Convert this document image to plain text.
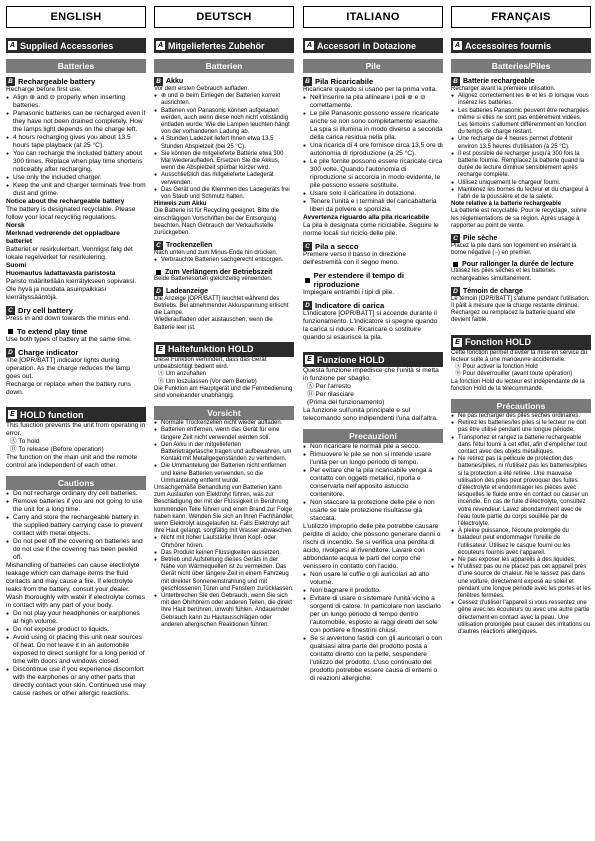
ENGLISH
A Supplied Accessories
Batteries
B Rechargeable battery

Recharge before first use.

● Align ⊕ and ⊖ properly when inserting batteries.
● Panasonic batteries can be recharged even if they have not been drained completely. How the lamps light depends on the charge left.
● 4 hours recharging gives you about 13.5 hours tape playback (at 25 °C).
● You can recharge the included battery about 300 times. Replace when play time shortens noticeably after recharging.
● Use only the included charger.
● Keep the unit and charger terminals free from dust and grime.

Notice about the rechargeable battery

The battery is designated recyclable. Please follow your local recycling regulations.

Norsk

Merknad vedrørende det oppladbare batteriet

Batteriet er resirkulerbart. Vennligst følg det lokale regelverket for resirkulering.

Suomi

Huomautus ladattavasta paristosta

Paristo määritellään kierrätykseen sopivaksi. Ole hyvä ja noudata asuinpaikkasi kierrätyssääntöjä.

C Dry cell battery

Press in and down towards the minus end.

To extend play time

Use both types of battery at the same time.

D Charge indicator

The [OPR/BATT] indicator lights during operation. As the charge reduces the lamp goes out.

Recharge or replace when the battery runs down.

E HOLD function

This function prevents the unit from operating in error.

Ⓐ To hold
Ⓑ To release (Before operation)

The function on the main unit and the remote control are independent of each other.

Cautions
● Do not recharge ordinary dry cell batteries.
● Remove batteries if you are not going to use the unit for a long time.
● Carry and store the rechargeable battery in the supplied battery carrying case to prevent contact with metal objects.
● Do not peel off the covering on batteries and do not use if the covering has been peeled off.

Mishandling of batteries can cause electrolyte leakage which can damage items the fluid contacts and may cause a fire. If electrolyte leaks from the battery, consult your dealer. Wash thoroughly with water if electrolyte comes in contact with any part of your body.

● Do not play your headphones or earphones at high volume.
● Do not expose product to liquids.
● Avoid using or placing this unit near sources of heat. Do not leave it in an automobile exposed to direct sunlight for a long period of time with doors and windows closed.
● Discontinue use if you experience discomfort with the earphones or any other parts that directly contact your skin. Continued use may cause rashes or other allergic reactions.
DEUTSCH
A Mitgeliefertes Zubehör
Batterien
B Akku

Vor dem ersten Gebrauch aufladen.

● ⊕ und ⊖ beim Einlegen der Batterien korrekt ausrichten.
● Batterien von Panasonic können aufgeladen werden, auch wenn diese noch nicht vollständig entladen wurde. Wie die Lampen leuchten hängt von der vorhandenen Ladung ab.
● 4 Stunden Ladezeit liefert Ihnen etwa 13,5 Stunden Abspielzeit (bei 25 °C).
● Sie können die mitgelieferte Batterie etwa 300 Mal wiederaufladen. Ersetzen Sie die Akkus, wenn die Abspielzeit spürbar kürzer wird.
● Ausschließlich das mitgelieferte Ladegerät verwenden.
● Das Gerät und die Klemmen des Ladegeräts frei von Staub und Schmutz halten.

Hinweis zum Akku

Die Batterie ist für Recycling geeignet. Bitte die einschlägigen Vorschriften bei der Entsorgung beachten. Nach Gebrauch der Verkaufsstelle zurückgeben.

C Trockenzellen

Nach unten und zum Minus-Ende hin drücken.

● Verbrauchte Batterien sachgerecht entsorgen.
Zum Verlängern der Betriebszeit

Beide Batteriesorten gleichzeitig verwenden.

D Ladeanzeige

Die Anzeige [OPR/BATT] leuchtet während des Betriebs. Bei abnehmender Akkuspannung erlischt die Lampe.

Wiederaufladen oder austauschen, wenn die Batterie leer ist.

E Haltefunktion HOLD

Diese Funktion verhindert, dass das Gerät unbeabsichtigt bedient wird.

Ⓐ Um anzuhalten
Ⓑ Um loszulassen (Vor dem Betrieb)

Die Funktion am Hauptgerät und die Fernbedienung sind voneinander unabhängig.

Vorsicht
● Normale Trockenzellen nicht wieder aufladen.
● Batterien entfernen, wenn das Gerät für eine längere Zeit nicht verwendet werden soll.
● Den Akku in der mitgelieferten Batterietragetasche tragen und aufbewahren, um Kontakt mit Metallgegenständen zu verhindern.
● Die Ummantelung der Batterien nicht entfernen und keine Batterien verwenden, so die Ummantelung entfernt wurde.

Unsachgemäße Behandlung von Batterien kann zum Auslaufen von Elektrolyt führen, was zur Beschädigung der mit der Flüssigkeit in Berührung kommenden Teile führen und einen Brand zur Folge haben kann. Wenden Sie sich an Ihren Fachhändler, wenn Elektrolyt ausgelaufen ist. Falls Elektrolyt auf Ihre Haut gelangt, sorgfältig mit Wasser abwaschen.

● Nicht mit hoher Lautstärke Ihren Kopf- oder Ohrhörer hören.
● Das Produkt keinen Flüssigkeiten aussetzen.
● Betrieb und Aufstellung dieses Geräts in der Nähe von Wärmequellen ist zu vermeiden. Das Gerät nicht über längere Zeit in einem Fahrzeug mit direkter Sonneneinstrahlung und mit geschlossenen Türen und Fenstern zurücklassen.
● Unterbrechen Sie den Gebrauch, wenn Sie sich mit den Ohrhörern oder anderen Teilen, die direkt Ihre Haut berühren, unwohl fühlen. Andauernder Gebrauch kann zu Hautausschlägen oder anderen allergischen Reaktionen führen.
ITALIANO
A Accessori in Dotazione
Pile
B Pila Ricaricabile

Ricaricare quando si usano per la prima volta.

● Nell'inserire la pila allineare i poli ⊕ e ⊖ correttamente.
● Le pile Panasonic possono essere ricaricate anche se non sono completamente esaurite. La spia si illumina in modo diverso a seconda della carica residua nella pila.
● Una ricarica di 4 ore fornisce circa 13,5 ore di autonomia di riproduzione (a 25 °C).
● Le pile fornite possono essere ricaricate circa 300 volte. Quando l'autonomia di riproduzione si accorcia in modo evidente, le pile possono essere sostituite.
● Usare solo il caricatore in dotazione.
● Tenere l'unità e i terminali del caricabatteria liberi da polvere e sporcizia.

Avvertenza riguardo alla pila ricaricabile

La pila è designata come riciclabile. Seguire le norme locali sul riciclo delle pile.

C Pila a secco

Premere verso il basso in direzione dell'estremità con il segno meno.

Per estendere il tempo di riproduzione

Impiegare entrambi i tipi di pile.

D Indicatore di carica

L'indicatore [OPR/BATT] si accende durante il funzionamento. L'indicatore si spegne quando la carica si riduce. Ricaricare o sostituire quando si esaurisce la pila.

E Funzione HOLD

Questa funzione impedisce che l'unità si metta in funzione per sbaglio.

Ⓐ Per l'arresto
Ⓑ Per rilasciare
(Prima del funzionamento)

La funzione sull'unità principale e sul telecomando sono indipendenti l'una dall'altra.

Precauzioni
● Non ricaricare le normali pile a secco.
● Rimuovere le pile se non si intende usare l'unità per un lungo periodo di tempo.
● Per evitare che la pila ricaricabile venga a contatto con oggetti metallici, riporla e conservarla nell'apposito astuccio contenitore.
● Non staccare la protezione delle pile e non usarle se tale protezione risultasse già staccata.

L'utilizzo improprio delle pile potrebbe causare perdite di acido, che possono generare danni o rischi di incendio. Se si verifica una perdita di acido, rivolgersi al rivenditore. Lavare con abbondante acqua le parti del corpo che venissero in contatto con l'acido.

● Non usare le cuffie o gli auricolari ad alto volume.
● Non bagnare il prodotto.
● Evitare di usare o sistemare l'unità vicino a sorgenti di calore. In particolare non lasciarlo per un lungo periodo di tempo dentro l'automobile, esposto ai raggi diretti del sole con portiere e finestrini chiusi.
● Se si avvertono fastidi con gli auricolari o con qualsiasi altra parte del prodotto posta a contatto diretto con la pelle, sospendere l'utilizzo del prodotto. L'uso continuato del prodotto potrebbe essere causa di eritemi o di reazioni allergiche.
FRANÇAIS
A Accessoires fournis
Batteries/Piles
B Batterie rechargeable

Recharger avant la première utilisation.

● Alignez correctement les ⊕ et les ⊖ lorsque vous insérez les batteries.
● Les batteries Panasonic peuvent être rechargées même si elles ne sont pas entièrement vidées. Les témoins s'allument différemment en fonction du temps de charge restant.
● Une recharge de 4 heures permet d'obtenir environ 13,5 heures d'utilisation (à 25 °C).
● Il est possible de recharger jusqu'à 300 fois la batterie fournie. Remplacez la batterie quand la durée de lecture diminue sensiblement après recharge complète.
● Utilisez uniquement le chargeur fourni.
● Maintenez les bornes du lecteur et du chargeur à l'abri de la poussière et de la saleté.

Note relative à la batterie rechargeable

La batterie est recyclable. Pour le recyclage, suivre les réglementations de sa région. Après usage à rapporter au point de vente.

C Pile sèche

Placez la pile dans son logement en insérant la borne négative (−) en premier.

Pour rallonger la durée de lecture

Utilisez les piles sèches et les batteries rechargeables simultanément.

D Témoin de charge

Le témoin [OPR/BATT] s'allume pendant l'utilisation. Il pâlit à mesure que la charge restante diminue. Rechargez ou remplacez la batterie quand elle devient faible.

E Fonction HOLD

Cette fonction permet d'éviter la mise en service du lecteur suite à une manœuvre accidentelle.

Ⓐ Pour activer la fonction Hold
Ⓑ Pour déverrouiller (avant toute opération)

La fonction Hold du lecteur est indépendante de la fonction Hold de la télécommande.

Précautions
● Ne pas recharger des piles sèches ordinaires.
● Retirez les batteries/les piles si le lecteur ne doit pas être utilisé pendant une longue période.
● Transportez et rangez la batterie rechargeable dans l'étui fourni à cet effet, afin d'empêcher tout contact avec des objets métalliques.
● Ne retirez pas la pellicule de protection des batteries/piles, ni n'utilisez pas les batteries/piles si la protection a été retirée. Une mauvaise utilisation des piles peut provoquer des fuites d'électrolyte et endommager les pièces avec lesquelles le fluide entre en contact ou causer un incendie. En cas de fuite d'électrolyte, consultez votre revendeur. Lavez abondamment avec de l'eau toute partie du corps souillée par de l'électrolyte.
● À pleine puissance, l'écoute prolongée du baladeur peut endommager l'oreille de l'utilisateur. Utilisez le casque fourni ou les écouteurs fournis avec l'appareil.
● Ne pas exposer les appareils à des liquides.
● N'utilisez pas ou ne placez pas cet appareil près d'une source de chaleur. Ne le laissez pas dans une voiture, directement exposé au soleil et pendant une longue période avec les portes et les fenêtres fermées.
● Cessez d'utiliser l'appareil si vous ressentez une gêne avec les écouteurs ou avec une autre partie directement en contact avec la peau. Une utilisation prolongée peut causer des irritations ou d'autres réactions allergiques.
